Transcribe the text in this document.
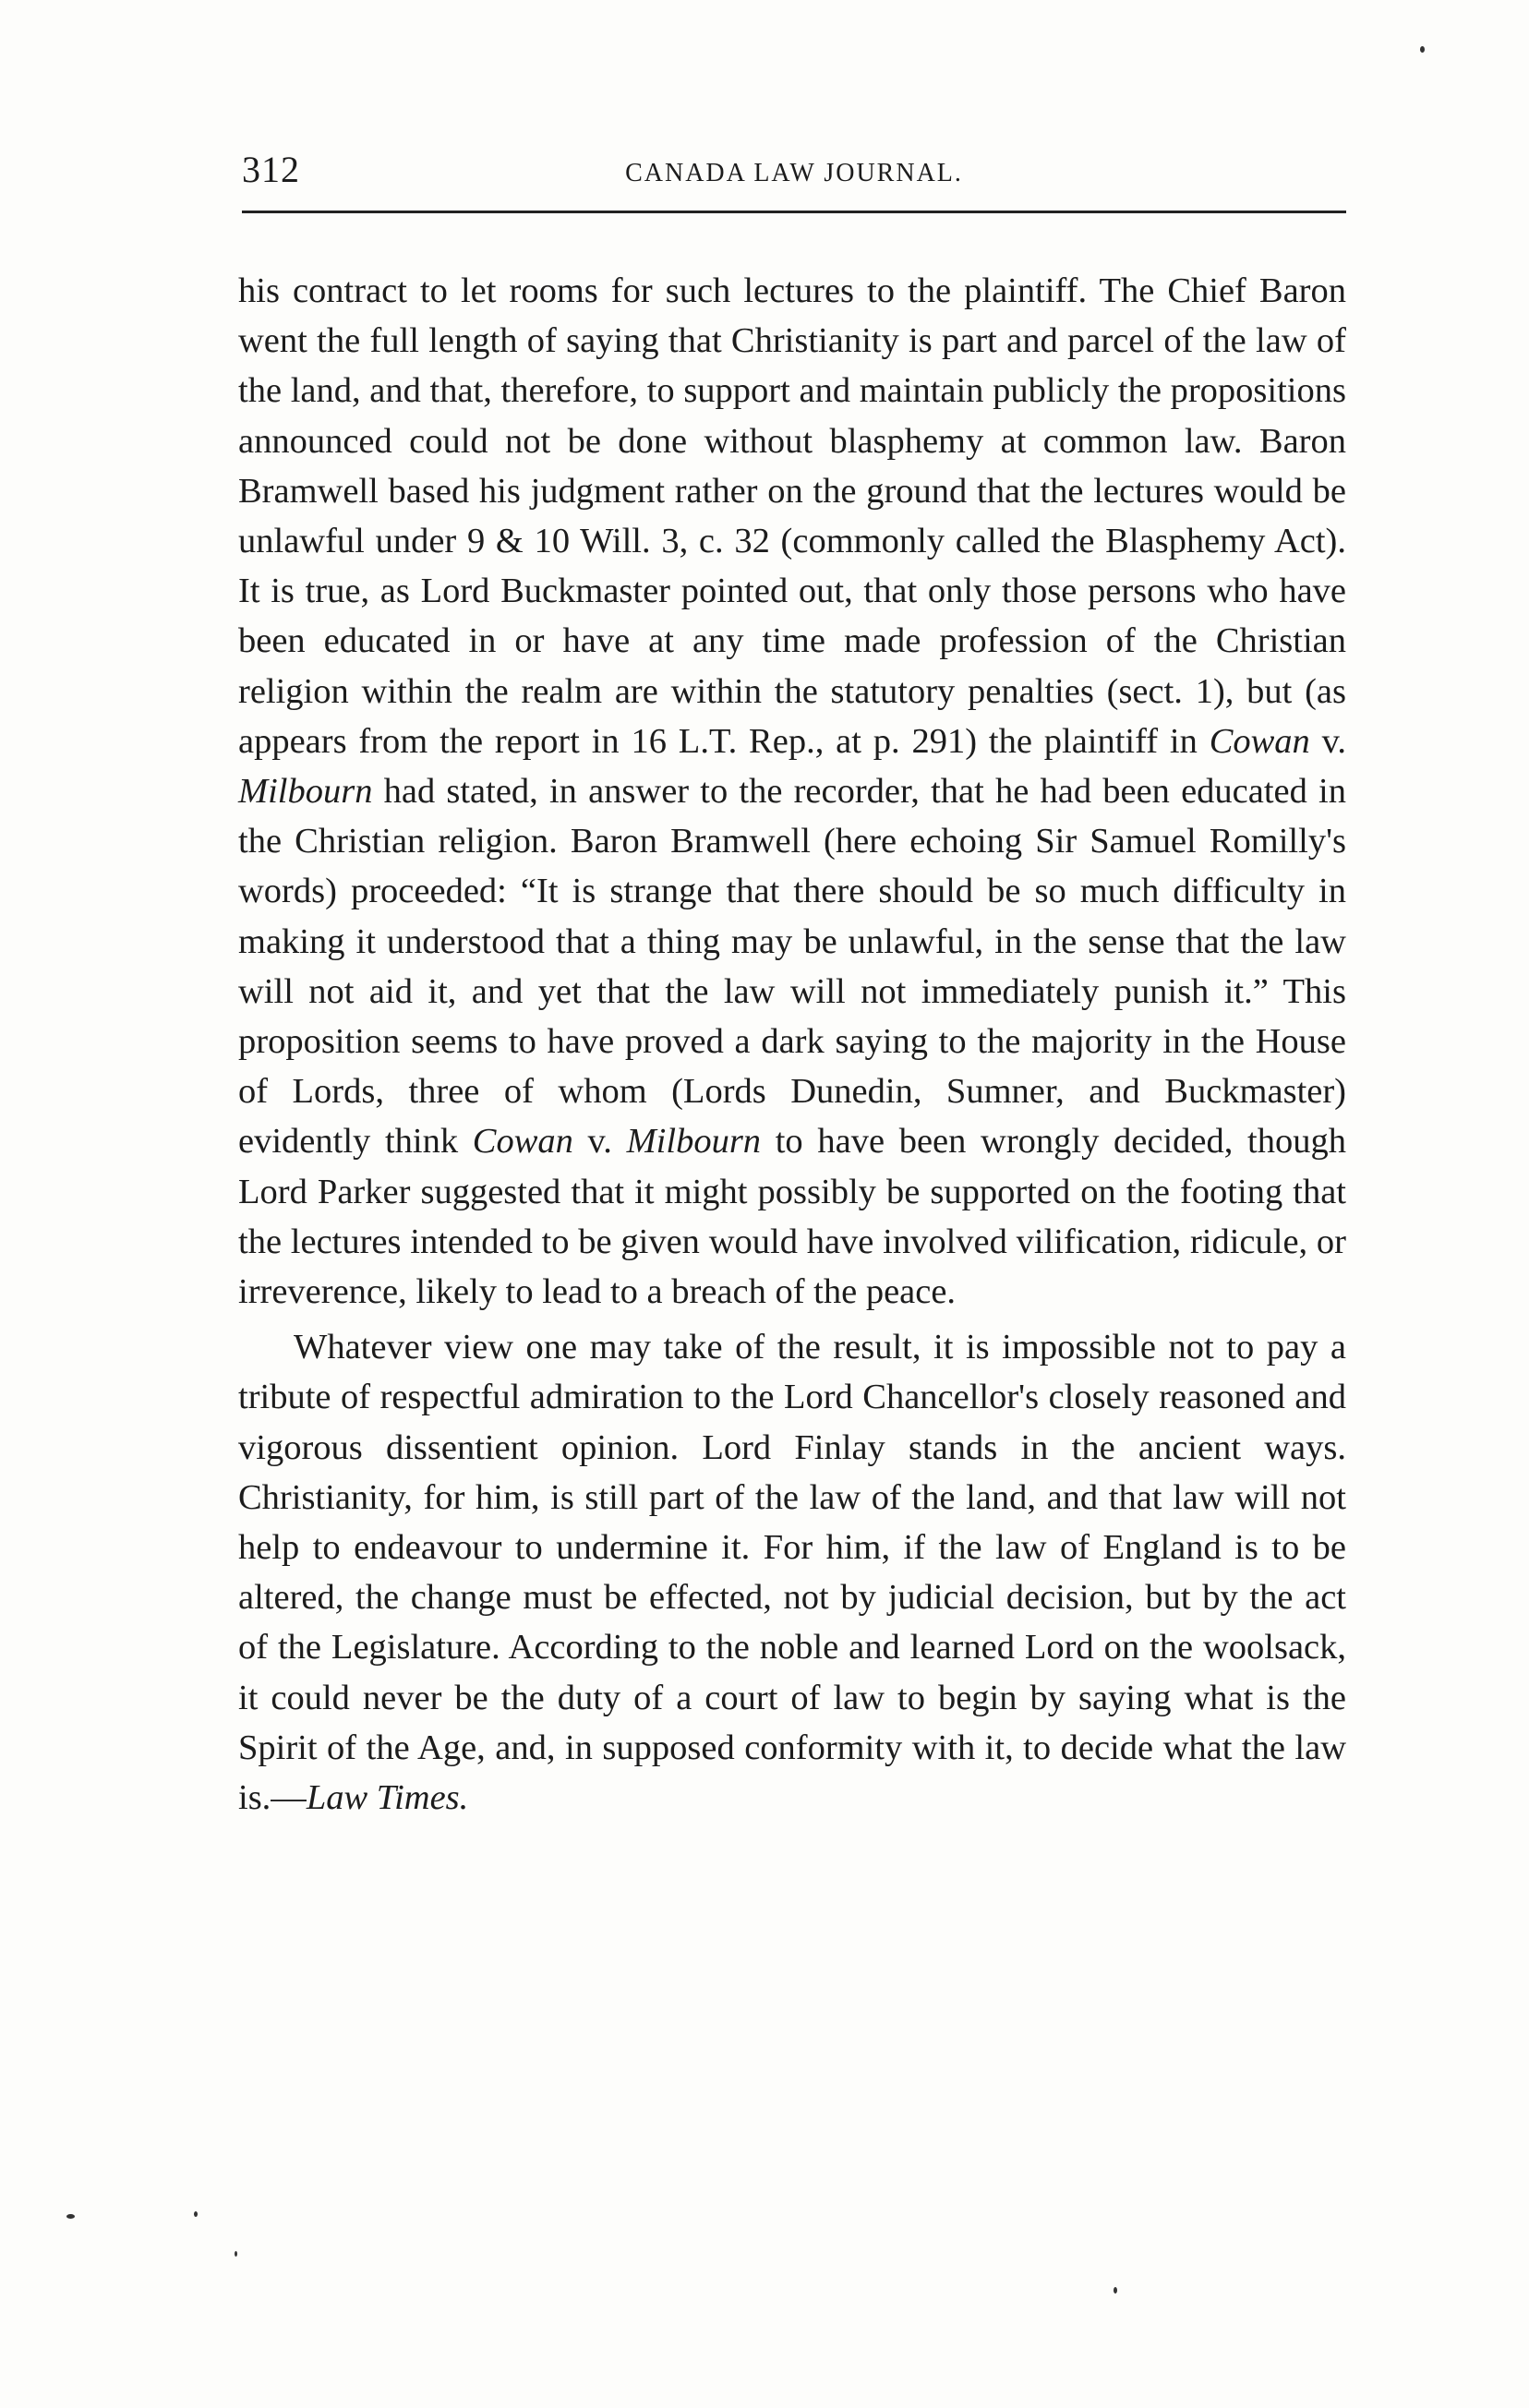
312	CANADA LAW JOURNAL.

his contract to let rooms for such lectures to the plaintiff. The Chief Baron went the full length of saying that Christianity is part and parcel of the law of the land, and that, therefore, to support and maintain publicly the propositions announced could not be done without blasphemy at common law. Baron Bramwell based his judgment rather on the ground that the lectures would be unlawful under 9 & 10 Will. 3, c. 32 (commonly called the Blasphemy Act). It is true, as Lord Buckmaster pointed out, that only those persons who have been educated in or have at any time made profession of the Christian religion within the realm are within the statutory penalties (sect. 1), but (as appears from the report in 16 L.T. Rep., at p. 291) the plaintiff in Cowan v. Milbourn had stated, in answer to the recorder, that he had been educated in the Christian religion. Baron Bramwell (here echoing Sir Samuel Romilly's words) proceeded: “It is strange that there should be so much difficulty in making it understood that a thing may be unlawful, in the sense that the law will not aid it, and yet that the law will not immediately punish it.” This proposition seems to have proved a dark saying to the majority in the House of Lords, three of whom (Lords Dunedin, Sumner, and Buckmaster) evidently think Cowan v. Milbourn to have been wrongly decided, though Lord Parker suggested that it might possibly be supported on the footing that the lectures intended to be given would have involved vilification, ridicule, or irreverence, likely to lead to a breach of the peace.

Whatever view one may take of the result, it is impossible not to pay a tribute of respectful admiration to the Lord Chancellor's closely reasoned and vigorous dissentient opinion. Lord Finlay stands in the ancient ways. Christianity, for him, is still part of the law of the land, and that law will not help to endeavour to undermine it. For him, if the law of England is to be altered, the change must be effected, not by judicial decision, but by the act of the Legislature. According to the noble and learned Lord on the woolsack, it could never be the duty of a court of law to begin by saying what is the Spirit of the Age, and, in supposed conformity with it, to decide what the law is.—Law Times.
